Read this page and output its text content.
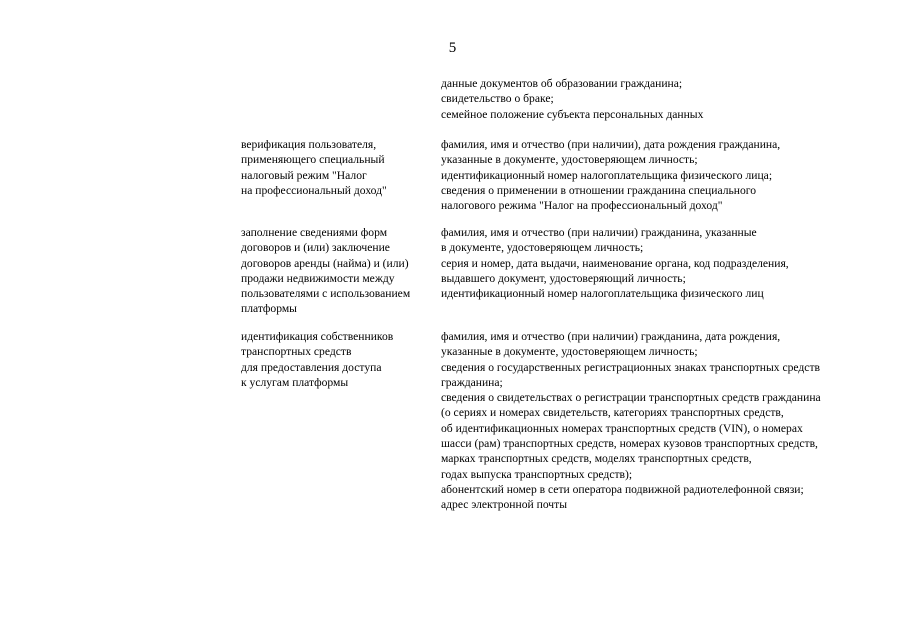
5
данные документов об образовании гражданина;
свидетельство о браке;
семейное положение субъекта персональных данных
верификация пользователя,
применяющего специальный
налоговый режим "Налог
на профессиональный доход"
фамилия, имя и отчество (при наличии), дата рождения гражданина,
указанные в документе, удостоверяющем личность;
идентификационный номер налогоплательщика физического лица;
сведения о применении в отношении гражданина специального
налогового режима "Налог на профессиональный доход"
заполнение сведениями форм
договоров и (или) заключение
договоров аренды (найма) и (или)
продажи недвижимости между
пользователями с использованием
платформы
фамилия, имя и отчество (при наличии) гражданина, указанные
в документе, удостоверяющем личность;
серия и номер, дата выдачи, наименование органа, код подразделения,
выдавшего документ, удостоверяющий личность;
идентификационный номер налогоплательщика физического лиц
идентификация собственников
транспортных средств
для предоставления доступа
к услугам платформы
фамилия, имя и отчество (при наличии) гражданина, дата рождения,
указанные в документе, удостоверяющем личность;
сведения о государственных регистрационных знаках транспортных средств
гражданина;
сведения о свидетельствах о регистрации транспортных средств гражданина
(о сериях и номерах свидетельств, категориях транспортных средств,
об идентификационных номерах транспортных средств (VIN), о номерах
шасси (рам) транспортных средств, номерах кузовов транспортных средств,
марках транспортных средств, моделях транспортных средств,
годах выпуска транспортных средств);
абонентский номер в сети оператора подвижной радиотелефонной связи;
адрес электронной почты
